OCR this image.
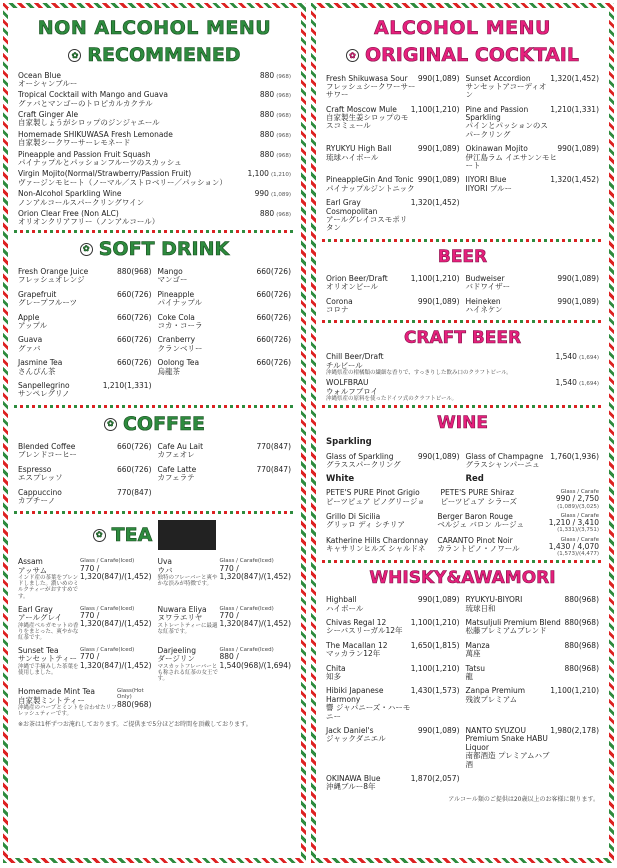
NON ALCOHOL MENU
✿ RECOMMENED
Ocean Blue
オーシャンブルー
880 (968)
Tropical Cocktail with Mango and Guava
グァバとマンゴーのトロピカルカクテル
880 (968)
Craft Ginger Ale
自家製しょうがシロップのジンジャエール
880 (968)
Homemade SHIKUWASA Fresh Lemonade
自家製シークワーサーレモネード
880 (968)
Pineapple and Passion Fruit Squash
パイナップルとパッションフルーツのスカッシュ
880 (968)
Virgin Mojito(Normal/Strawberry/Passion Fruit)
ヴァージンモヒート（ノーマル／ストロベリー／パッション）
1,100 (1,210)
Non-Alcohol Sparkling Wine
ノンアルコールスパークリングワイン
990 (1,089)
Orion Clear Free (Non ALC)
オリオンクリアフリー（ノンアルコール）
880 (968)
✿ SOFT DRINK
Fresh Orange Juice
フレッシュオレンジ
880(968) Mango
マンゴー
660(726)
Grapefruit
グレープフルーツ
660(726) Pineapple
パイナップル
660(726)
Apple
アップル
660(726) Coke Cola
コカ・コーラ
660(726)
Guava
グァバ
660(726) Cranberry
クランベリー
660(726)
Jasmine Tea
さんぴん茶
660(726) Oolong Tea
烏龍茶
660(726)
Sanpellegrino
サンペレグリノ
1,210(1,331)
✿ COFFEE
Blended Coffee
ブレンドコーヒー
660(726) Cafe Au Lait
カフェオレ
770(847)
Espresso
エスプレッソ
660(726) Cafe Latte
カフェラテ
770(847)
Cappuccino
カプチーノ
770(847)
✿ TEA
Assam
アッサム
インド産の茶葉をブレンドしました。濃いめのミルクティーがおすすめです。
Glass / Carafe(Iced)
770 / 1,320(847)/(1,452)
Uva
ウバ
独特のフレーバーと爽やかな渋みが特徴です。
Glass / Carafe(Iced)
770 / 1,320(847)/(1,452)
Earl Gray
アールグレイ
沖縄産ベルガモットの香りをまとった、爽やかな紅茶です。
Glass / Carafe(Iced)
770 / 1,320(847)/(1,452)
Nuwara Eliya
ヌワラエリヤ
ストレートティーに最適な紅茶です。
Glass / Carafe(Iced)
770 / 1,320(847)/(1,452)
Sunset Tea
サンセットティー
沖縄で手摘みした茶葉を使用しました。
Glass / Carafe(Iced)
770 / 1,320(847)/(1,452)
Darjeeling
ダージリン
マスカットフレーバーとも称される紅茶の女王です。
Glass / Carafe(Iced)
880 / 1,540(968)/(1,694)
Homemade Mint Tea
自家製ミントティー
沖縄産のハーブとミントを合わせたリフレッシュティーです。
Glass(Hot Only)
880(968)
※お茶は1杯ずつお淹れしております。ご提供まで5分ほどお時間を頂戴しております。
ALCOHOL MENU
✿ ORIGINAL COCKTAIL
Fresh Shikuwasa Sour
フレッシュシークワーサーサワー
990(1,089) Sunset Accordion
サンセットアコーディオン
1,320(1,452)
Craft Moscow Mule
自家製生姜シロップのモスコミュール
1,100(1,210) Pine and Passion Sparkling
パインとパッションのスパークリング
1,210(1,331)
RYUKYU High Ball
琉球ハイボール
990(1,089) Okinawan Mojito
伊江島ラム イエサンンモヒート
990(1,089)
PineappleGin And Tonic
パイナップルジントニック
990(1,089) IIYORI Blue
IIYORI ブルー
1,320(1,452)
Earl Gray Cosmopolitan
アールグレイコスモポリタン
1,320(1,452)
BEER
Orion Beer/Draft
オリオンビール
1,100(1,210) Budweiser
バドワイザー
990(1,089)
Corona
コロナ
990(1,089) Heineken
ハイネケン
990(1,089)
CRAFT BEER
Chill Beer/Draft
チルビール
沖縄県産の柑橘類の繊細な香りで、すっきりした飲み口のクラフトビール。
1,540 (1,694)
WOLFBRAU
ウォルフブロイ
沖縄県産の原料を使ったドイツ式のクラフトビール。
1,540 (1,694)
WINE
Sparkling
Glass of Sparkling
グラススパークリング
990(1,089) Glass of Champagne
グラスシャンパーニュ
1,760(1,936)
White	Red
PETE'S PURE Pinot Grigio
ピーツピュア ピノグリージョ
PETE'S PURE Shiraz
ピーツピュア シラーズ
Glass / Carafe
990 / 2,750
(1,089)/(3,025)
Grillo Di Sicilia
グリッロ ディ シチリア
Berger Baron Rouge
ベルジェ バロン ルージュ
Glass / Carafe
1,210 / 3,410
(1,331)/(3,751)
Katherine Hills Chardonnay
キャサリンヒルズ シャルドネ
CARANTO Pinot Noir
カラントピノ・ノワール
Glass / Carafe
1,430 / 4,070
(1,573)/(4,477)
WHISKY&AWAMORI
Highball
ハイボール
990(1,089) RYUKYU-BIYORI
琉球日和
880(968)
Chivas Regal 12
シーバスリーガル12年
1,100(1,210) Matsuljuli Premium Blend
松藤プレミアムブレンド
880(968)
The Macallan 12
マッカラン12年
1,650(1,815) Manza
萬座
880(968)
Chita
知多
1,100(1,210) Tatsu
龍
880(968)
Hibiki Japanese Harmony
響 ジャパニーズ・ハーモニー
1,430(1,573) Zanpa Premium
残波プレミアム
1,100(1,210)
Jack Daniel's
ジャックダニエル
990(1,089) NANTO SYUZOU Premium Snake HABU Liquor
南都酒造 プレミアムハブ酒
1,980(2,178)
OKINAWA Blue
沖縄ブルー8年
1,870(2,057)
アルコール類のご提供は20歳以上のお客様に限ります。
